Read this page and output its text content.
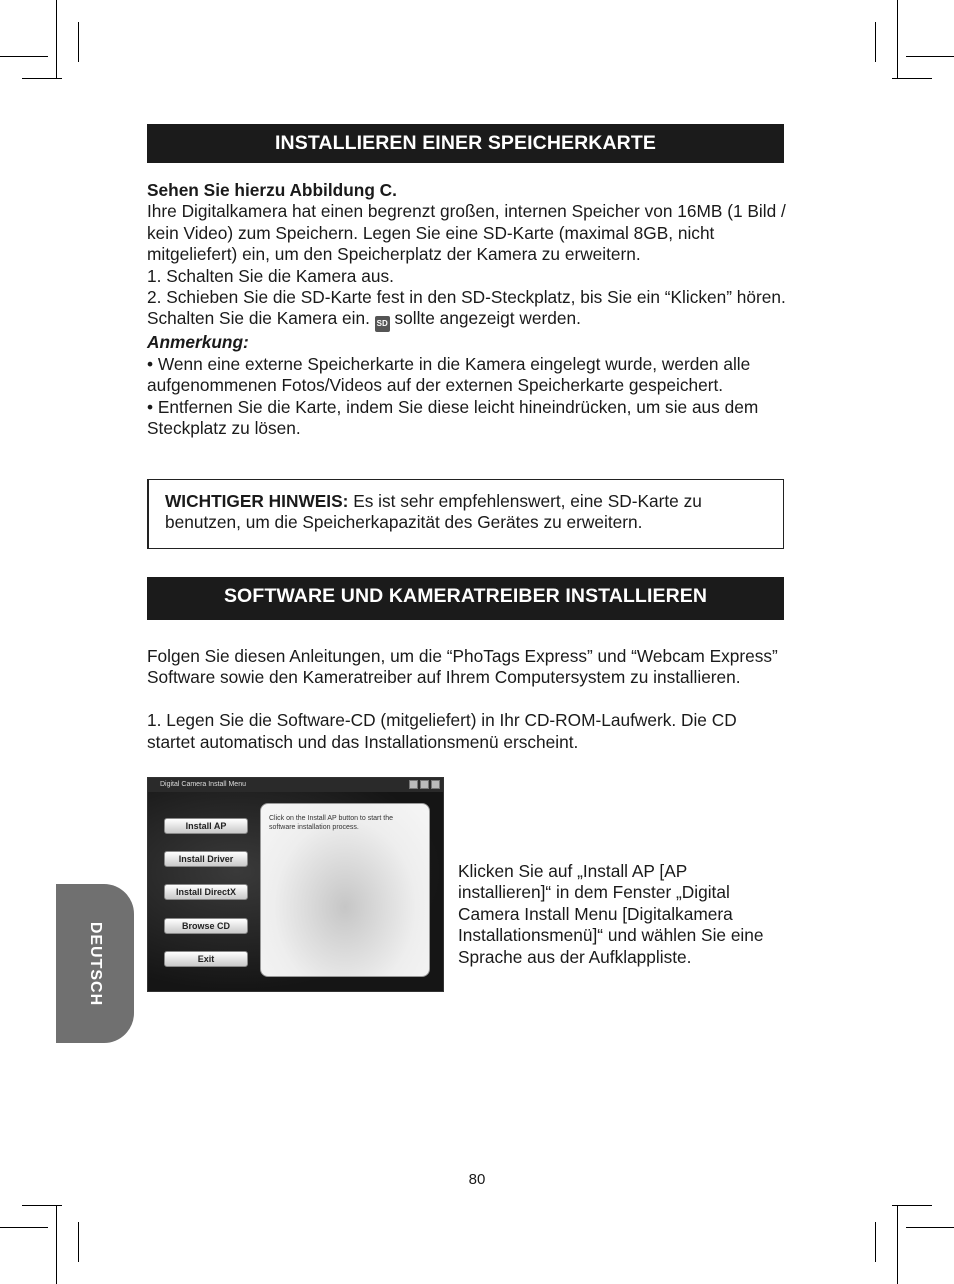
INSTALLIEREN EINER SPEICHERKARTE

Sehen Sie hierzu Abbildung C.

Ihre Digitalkamera hat einen begrenzt großen, internen Speicher von 16MB (1 Bild / kein Video) zum Speichern. Legen Sie eine SD-Karte (maximal 8GB, nicht mitgeliefert) ein, um den Speicherplatz der Kamera zu erweitern.

1. Schalten Sie die Kamera aus.

2. Schieben Sie die SD-Karte fest in den SD-Steckplatz, bis Sie ein “Klicken” hören. Schalten Sie die Kamera ein. SD sollte angezeigt werden.

Anmerkung:

• Wenn eine externe Speicherkarte in die Kamera eingelegt wurde, werden alle aufgenommenen Fotos/Videos auf der externen Speicherkarte gespeichert.

• Entfernen Sie die Karte, indem Sie diese leicht hineindrücken, um sie aus dem Steckplatz zu lösen.

WICHTIGER HINWEIS: Es ist sehr empfehlenswert, eine SD-Karte zu benutzen, um die Speicherkapazität des Gerätes zu erweitern.
SOFTWARE UND KAMERATREIBER INSTALLIEREN

Folgen Sie diesen Anleitungen, um die “PhoTags Express” und “Webcam Express” Software sowie den Kameratreiber auf Ihrem Computersystem zu installieren.

1. Legen Sie die Software-CD (mitgeliefert) in Ihr CD-ROM-Laufwerk. Die CD startet automatisch und das Installationsmenü erscheint.

Digital Camera Install Menu
Install AP
Install Driver
Install DirectX
Browse CD
Exit
Click on the Install AP button to start the software installation process.
Klicken Sie auf „Install AP [AP installieren]“ in dem Fenster „Digital Camera Install Menu [Digitalkamera Installationsmenü]“ und wählen Sie eine Sprache aus der Aufklappliste.
DEUTSCH
80
